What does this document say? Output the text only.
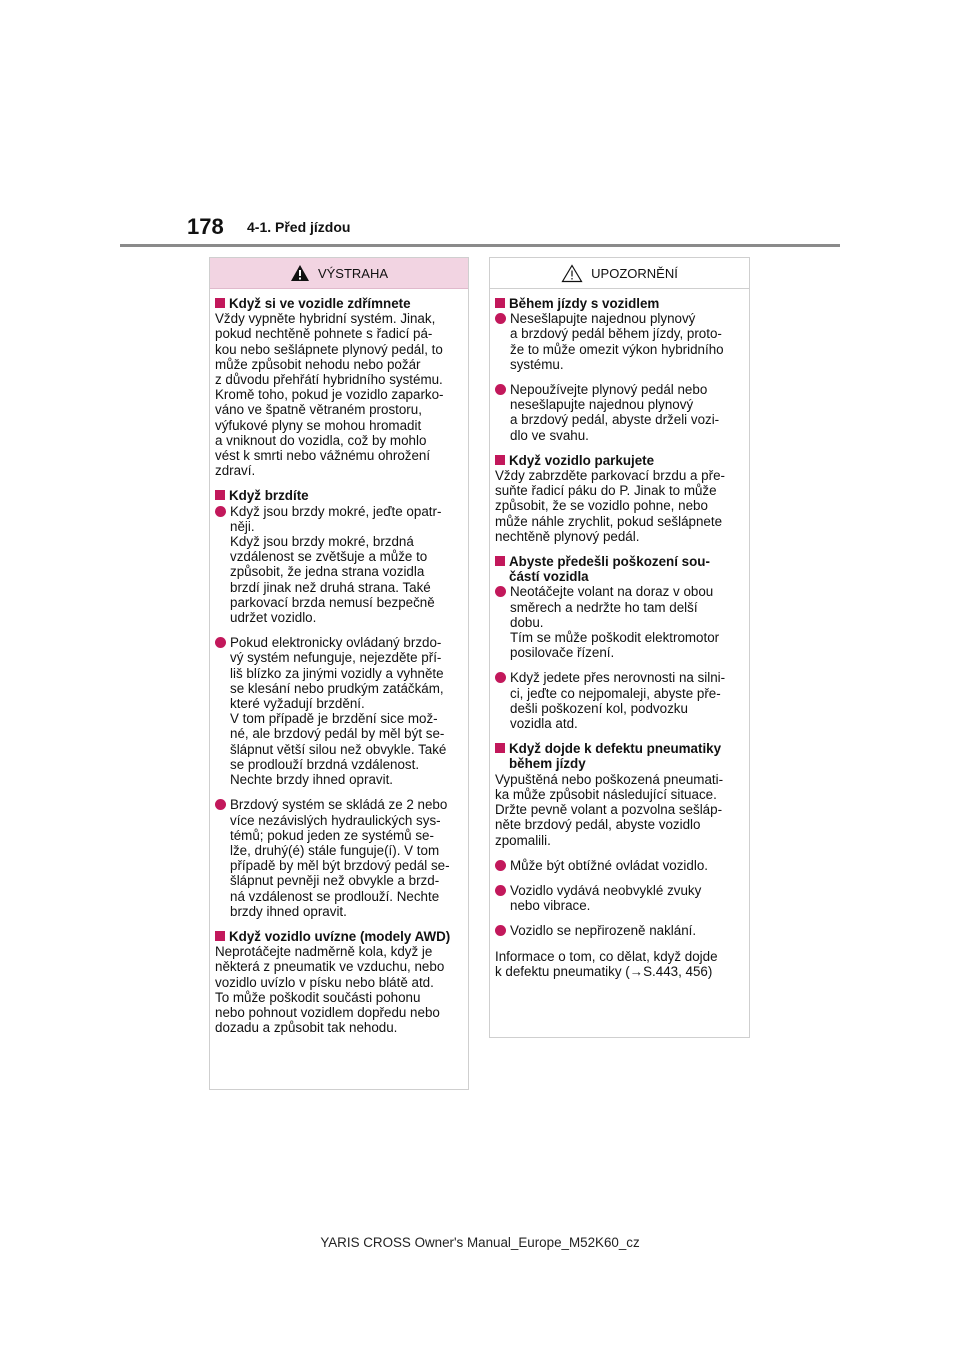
178 4-1. Před jízdou
VÝSTRAHA
Když si ve vozidle zdřímnete
Vždy vypněte hybridní systém. Jinak,
pokud nechtěně pohnete s řadicí pá-
kou nebo sešlápnete plynový pedál, to
může způsobit nehodu nebo požár
z důvodu přehřátí hybridního systému.
Kromě toho, pokud je vozidlo zaparko-
váno ve špatně větraném prostoru,
výfukové plyny se mohou hromadit
a vniknout do vozidla, což by mohlo
vést k smrti nebo vážnému ohrožení
zdraví.
Když brzdíte
Když jsou brzdy mokré, jeďte opatr-
něji.
Když jsou brzdy mokré, brzdná
vzdálenost se zvětšuje a může to
způsobit, že jedna strana vozidla
brzdí jinak než druhá strana. Také
parkovací brzda nemusí bezpečně
udržet vozidlo.
Pokud elektronicky ovládaný brzdo-
vý systém nefunguje, nejezděte pří-
liš blízko za jinými vozidly a vyhněte
se klesání nebo prudkým zatáčkám,
které vyžadují brzdění.
V tom případě je brzdění sice mož-
né, ale brzdový pedál by měl být se-
šlápnut větší silou než obvykle. Také
se prodlouží brzdná vzdálenost.
Nechte brzdy ihned opravit.
Brzdový systém se skládá ze 2 nebo
více nezávislých hydraulických sys-
témů; pokud jeden ze systémů se-
lže, druhý(é) stále funguje(í). V tom
případě by měl být brzdový pedál se-
šlápnut pevněji než obvykle a brzd-
ná vzdálenost se prodlouží. Nechte
brzdy ihned opravit.
Když vozidlo uvízne (modely AWD)
Neprotáčejte nadměrně kola, když je
některá z pneumatik ve vzduchu, nebo
vozidlo uvízlo v písku nebo blátě atd.
To může poškodit součásti pohonu
nebo pohnout vozidlem dopředu nebo
dozadu a způsobit tak nehodu.
UPOZORNĚNÍ
Během jízdy s vozidlem
Nesešlapujte najednou plynový
a brzdový pedál během jízdy, proto-
že to může omezit výkon hybridního
systému.
Nepoužívejte plynový pedál nebo
nesešlapujte najednou plynový
a brzdový pedál, abyste drželi vozi-
dlo ve svahu.
Když vozidlo parkujete
Vždy zabrzděte parkovací brzdu a pře-
suňte řadicí páku do P. Jinak to může
způsobit, že se vozidlo pohne, nebo
může náhle zrychlit, pokud sešlápnete
nechtěně plynový pedál.
Abyste předešli poškození sou-
částí vozidla
Neotáčejte volant na doraz v obou
směrech a nedržte ho tam delší
dobu.
Tím se může poškodit elektromotor
posilovače řízení.
Když jedete přes nerovnosti na silni-
ci, jeďte co nejpomaleji, abyste pře-
dešli poškození kol, podvozku
vozidla atd.
Když dojde k defektu pneumatiky
během jízdy
Vypuštěná nebo poškozená pneumati-
ka může způsobit následující situace.
Držte pevně volant a pozvolna sešláp-
něte brzdový pedál, abyste vozidlo
zpomalili.
Může být obtížné ovládat vozidlo.
Vozidlo vydává neobvyklé zvuky
nebo vibrace.
Vozidlo se nepřirozeně naklání.
Informace o tom, co dělat, když dojde
k defektu pneumatiky (→S.443, 456)
YARIS CROSS Owner's Manual_Europe_M52K60_cz
